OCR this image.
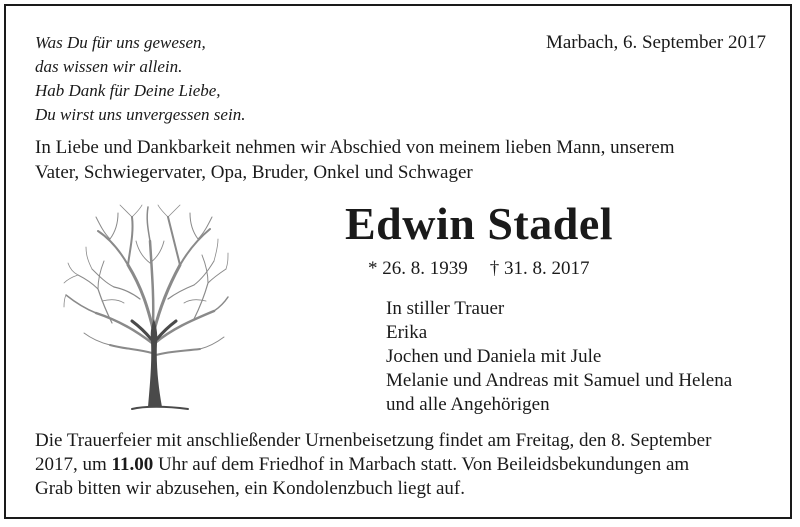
Was Du für uns gewesen,
das wissen wir allein.
Hab Dank für Deine Liebe,
Du wirst uns unvergessen sein.
Marbach, 6. September 2017
In Liebe und Dankbarkeit nehmen wir Abschied von meinem lieben Mann, unserem
Vater, Schwiegervater, Opa, Bruder, Onkel und Schwager
Edwin Stadel
* 26. 8. 1939 † 31. 8. 2017
In stiller Trauer
Erika
Jochen und Daniela mit Jule
Melanie und Andreas mit Samuel und Helena
und alle Angehörigen
Die Trauerfeier mit anschließender Urnenbeisetzung findet am Freitag, den 8. September
2017, um 11.00 Uhr auf dem Friedhof in Marbach statt. Von Beileidsbekundungen am
Grab bitten wir abzusehen, ein Kondolenzbuch liegt auf.
